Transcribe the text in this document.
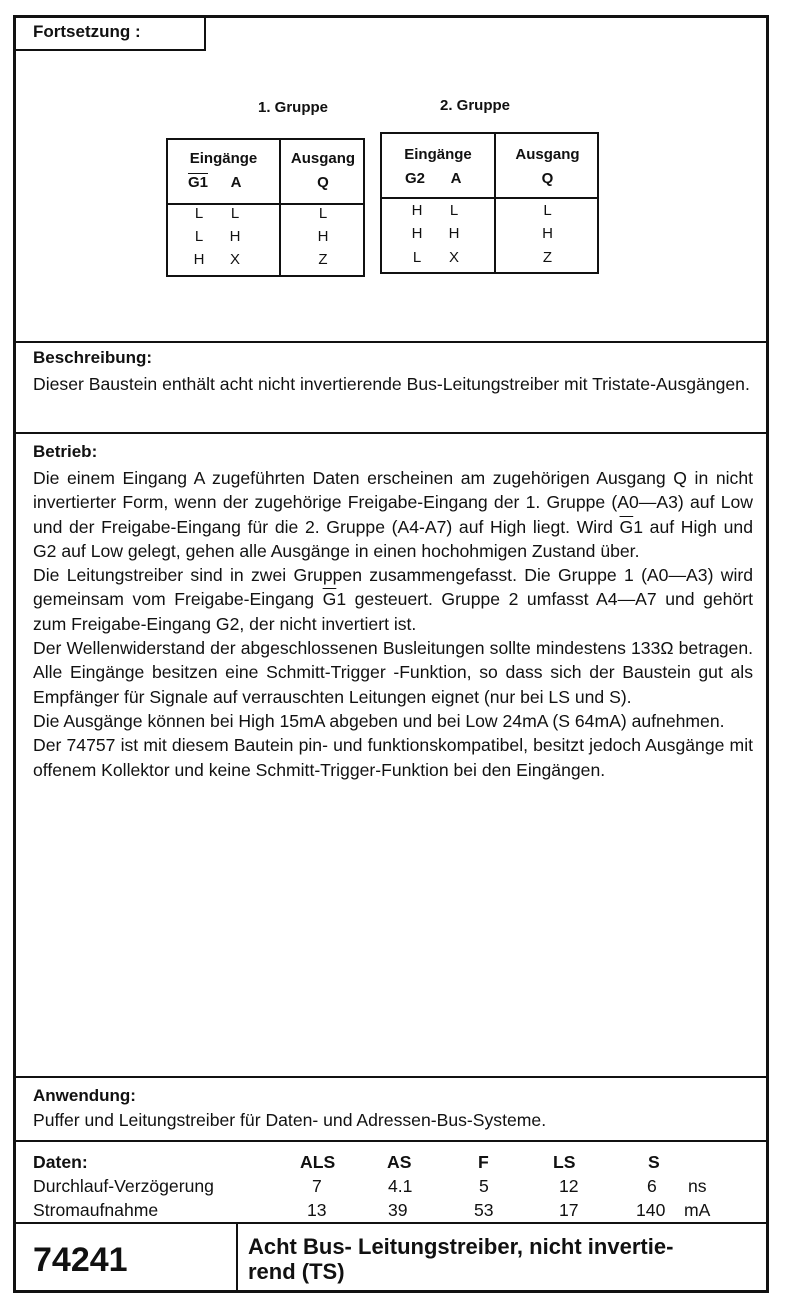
Fortsetzung :
1. Gruppe	2. Gruppe
Eingänge
G1	A
Ausgang
Q
L	L	L
L	H	H
H	X	Z
Eingänge
G2	A
Ausgang
Q
H	L	L
H	H	H
L	X	Z
Beschreibung:
Dieser Baustein enthält acht nicht invertierende Bus-Leitungstreiber mit Tristate-Ausgängen.
Betrieb:

Die einem Eingang A zugeführten Daten erscheinen am zugehörigen Ausgang Q in nicht invertierter Form, wenn der zugehörige Freigabe-Eingang der 1. Gruppe (A0—A3) auf Low und der Freigabe-Eingang für die 2. Gruppe (A4-A7) auf High liegt. Wird $\overline{G}1$ auf High und G2 auf Low gelegt, gehen alle Ausgänge in einen hochohmigen Zustand über.

Die Leitungstreiber sind in zwei Gruppen zusammengefasst. Die Gruppe 1 (A0—A3) wird gemeinsam vom Freigabe-Eingang $\overline{G}1$ gesteuert. Gruppe 2 umfasst A4—A7 und gehört zum Freigabe-Eingang G2, der nicht invertiert ist.

Der Wellenwiderstand der abgeschlossenen Busleitungen sollte mindestens 133Ω betragen. Alle Eingänge besitzen eine Schmitt-Trigger -Funktion, so dass sich der Baustein gut als Empfänger für Signale auf verrauschten Leitungen eignet (nur bei LS und S).

Die Ausgänge können bei High 15mA abgeben und bei Low 24mA (S 64mA) aufnehmen.

Der 74757 ist mit diesem Bautein pin- und funktionskompatibel, besitzt jedoch Ausgänge mit offenem Kollektor und keine Schmitt-Trigger-Funktion bei den Eingängen.

Anwendung:
Puffer und Leitungstreiber für Daten- und Adressen-Bus-Systeme.
Daten:	ALS	AS	F	LS	S
Durchlauf-Verzögerung	7	4.1	5	12	6 ns
Stromaufnahme	13	39	53	17	140 mA
74241	Acht Bus- Leitungstreiber, nicht invertie-
rend (TS)
